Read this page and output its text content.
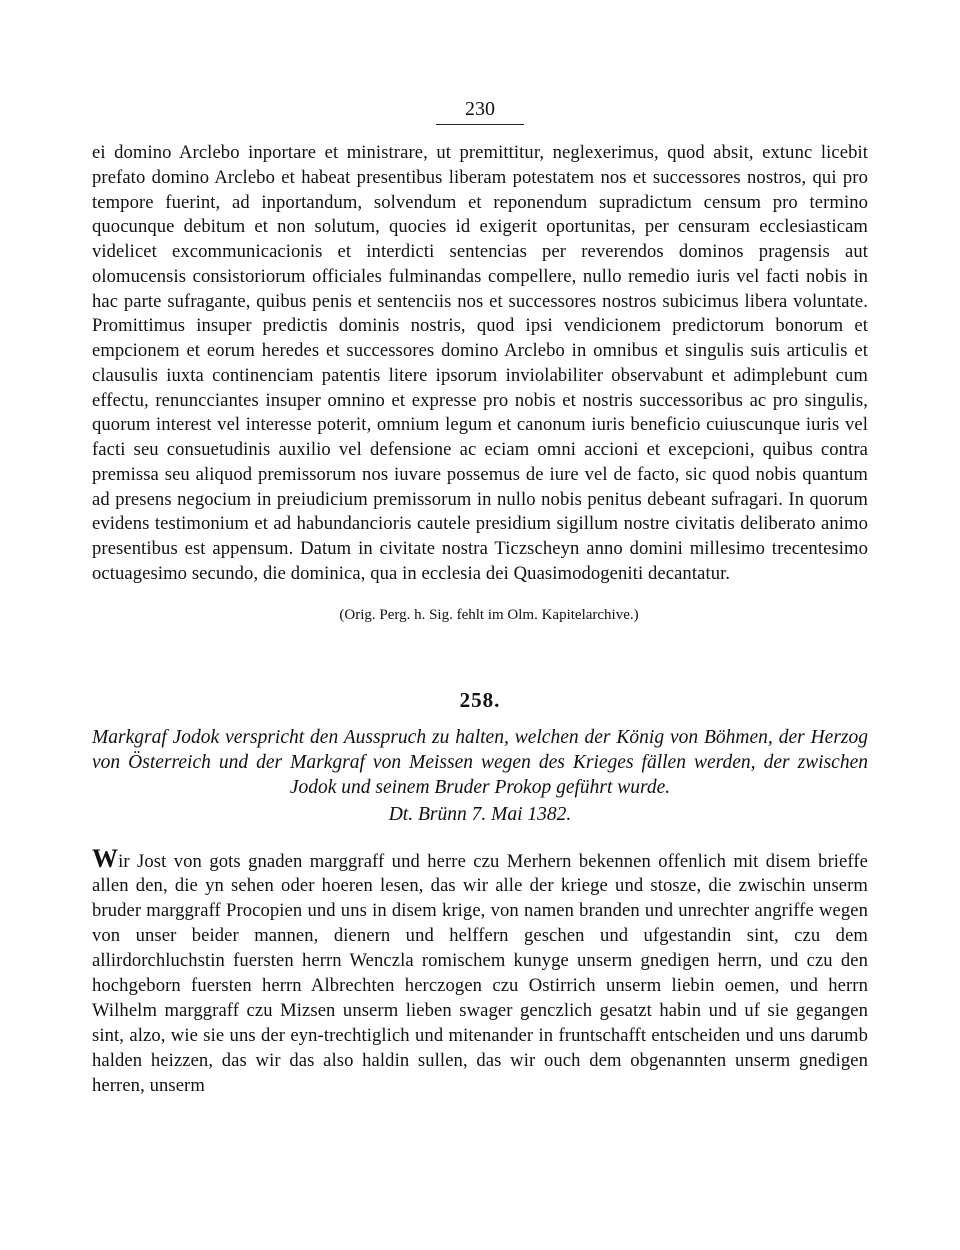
230

ei domino Arclebo inportare et ministrare, ut premittitur, neglexerimus, quod absit, extunc licebit prefato domino Arclebo et habeat presentibus liberam potestatem nos et successores nostros, qui pro tempore fuerint, ad inportandum, solvendum et reponendum supradictum censum pro termino quocunque debitum et non solutum, quocies id exigerit oportunitas, per censuram ecclesiasticam videlicet excommunicacionis et interdicti sentencias per reverendos dominos pragensis aut olomucensis consistoriorum officiales fulminandas compellere, nullo remedio iuris vel facti nobis in hac parte sufragante, quibus penis et sentenciis nos et successores nostros subicimus libera voluntate. Promittimus insuper predictis dominis nostris, quod ipsi vendicionem predictorum bonorum et empcionem et eorum heredes et successores domino Arclebo in omnibus et singulis suis articulis et clausulis iuxta continenciam patentis litere ipsorum inviolabiliter observabunt et adimplebunt cum effectu, renuncciantes insuper omnino et expresse pro nobis et nostris successoribus ac pro singulis, quorum interest vel interesse poterit, omnium legum et canonum iuris beneficio cuiuscunque iuris vel facti seu consuetudinis auxilio vel defensione ac eciam omni accioni et excepcioni, quibus contra premissa seu aliquod premissorum nos iuvare possemus de iure vel de facto, sic quod nobis quantum ad presens negocium in preiudicium premissorum in nullo nobis penitus debeant sufragari. In quorum evidens testimonium et ad habundancioris cautele presidium sigillum nostre civitatis deliberato animo presentibus est appensum. Datum in civitate nostra Ticzscheyn anno domini millesimo trecentesimo octuagesimo secundo, die dominica, qua in ecclesia dei Quasimodogeniti decantatur.

(Orig. Perg. h. Sig. fehlt im Olm. Kapitelarchive.)

258.

Markgraf Jodok verspricht den Ausspruch zu halten, welchen der König von Böhmen, der Herzog von Österreich und der Markgraf von Meissen wegen des Krieges fällen werden, der zwischen Jodok und seinem Bruder Prokop geführt wurde.

Dt. Brünn 7. Mai 1382.

Wir Jost von gots gnaden marggraff und herre czu Merhern bekennen offenlich mit disem brieffe allen den, die yn sehen oder hoeren lesen, das wir alle der kriege und stosze, die zwischin unserm bruder marggraff Procopien und uns in disem krige, von namen branden und unrechter angriffe wegen von unser beider mannen, dienern und helffern geschen und ufgestandin sint, czu dem allirdorchluchstin fuersten herrn Wenczla romischem kunyge unserm gnedigen herrn, und czu den hochgeborn fuersten herrn Albrechten herczogen czu Ostirrich unserm liebin oemen, und herrn Wilhelm marggraff czu Mizsen unserm lieben swager genczlich gesatzt habin und uf sie gegangen sint, alzo, wie sie uns der eyn-trechtiglich und mitenander in fruntschafft entscheiden und uns darumb halden heizzen, das wir das also haldin sullen, das wir ouch dem obgenannten unserm gnedigen herren, unserm
